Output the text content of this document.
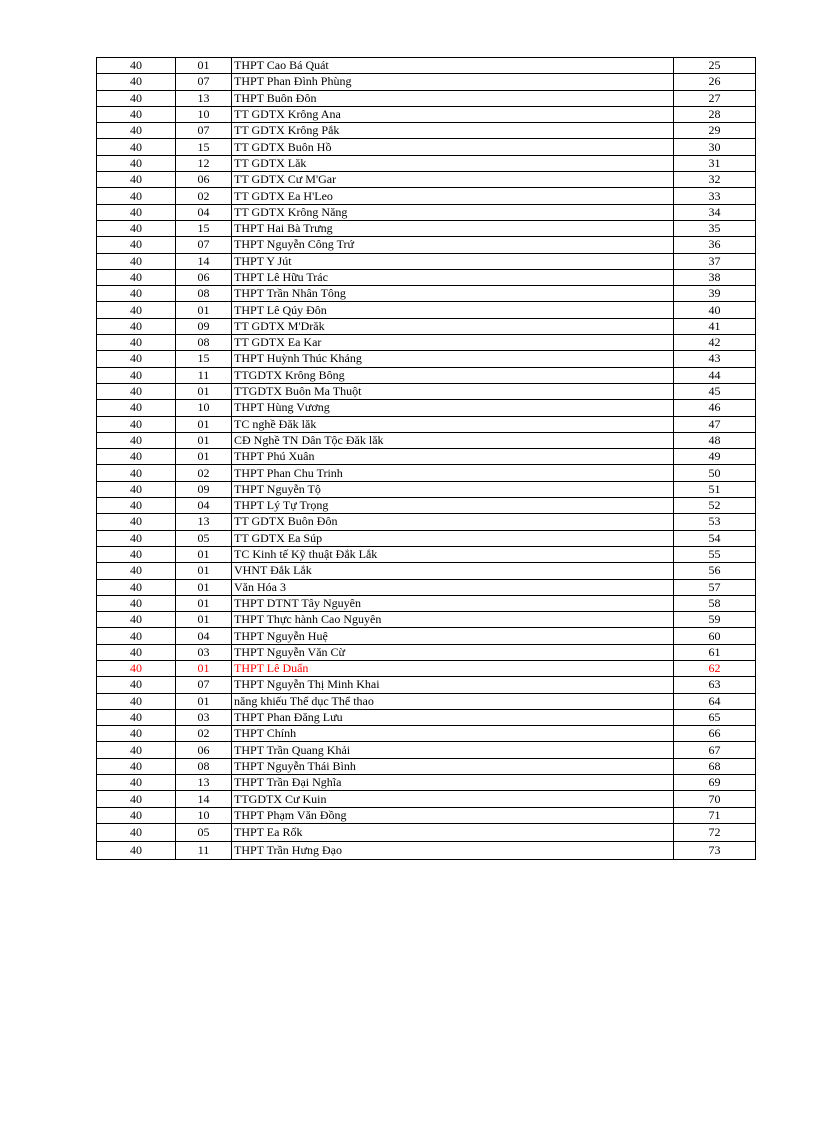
40	01	THPT Cao Bá Quát	25
40	07	THPT Phan Đình Phùng	26
40	13	THPT Buôn Đôn	27
40	10	TT GDTX Krông Ana	28
40	07	TT GDTX Krông Pắk	29
40	15	TT GDTX Buôn Hồ	30
40	12	TT GDTX Lăk	31
40	06	TT GDTX Cư M'Gar	32
40	02	TT GDTX Ea H'Leo	33
40	04	TT GDTX Krông Năng	34
40	15	THPT Hai Bà Trưng	35
40	07	THPT Nguyễn Công Trứ	36
40	14	THPT Y Jút	37
40	06	THPT Lê Hữu Trác	38
40	08	THPT Trần Nhân Tông	39
40	01	THPT Lê Qúy Đôn	40
40	09	TT GDTX M'Drăk	41
40	08	TT GDTX Ea Kar	42
40	15	THPT Huỳnh Thúc Kháng	43
40	11	TTGDTX Krông Bông	44
40	01	TTGDTX Buôn Ma Thuột	45
40	10	THPT Hùng Vương	46
40	01	TC nghề Đăk lăk	47
40	01	CĐ Nghề TN Dân Tộc Đăk lăk	48
40	01	THPT Phú Xuân	49
40	02	THPT Phan Chu Trinh	50
40	09	THPT Nguyễn Tộ	51
40	04	THPT Lý Tự Trọng	52
40	13	TT GDTX Buôn Đôn	53
40	05	TT GDTX Ea Súp	54
40	01	TC Kinh tế Kỹ thuật Đắk Lắk	55
40	01	VHNT Đắk Lắk	56
40	01	Văn Hóa 3	57
40	01	THPT DTNT Tây Nguyên	58
40	01	THPT Thực hành Cao Nguyên	59
40	04	THPT Nguyễn Huệ	60
40	03	THPT Nguyễn Văn Cừ	61
40	01	THPT Lê Duẩn	62
40	07	THPT Nguyễn Thị Minh Khai	63
40	01	năng khiếu Thể dục Thể thao	64
40	03	THPT Phan Đăng Lưu	65
40	02	THPT Chính	66
40	06	THPT Trần Quang Khải	67
40	08	THPT Nguyễn Thái Bình	68
40	13	THPT Trần Đại Nghĩa	69
40	14	TTGDTX Cư Kuin	70
40	10	THPT Phạm Văn Đồng	71
40	05	THPT Ea Rốk	72
40	11	THPT Trần Hưng Đạo	73
